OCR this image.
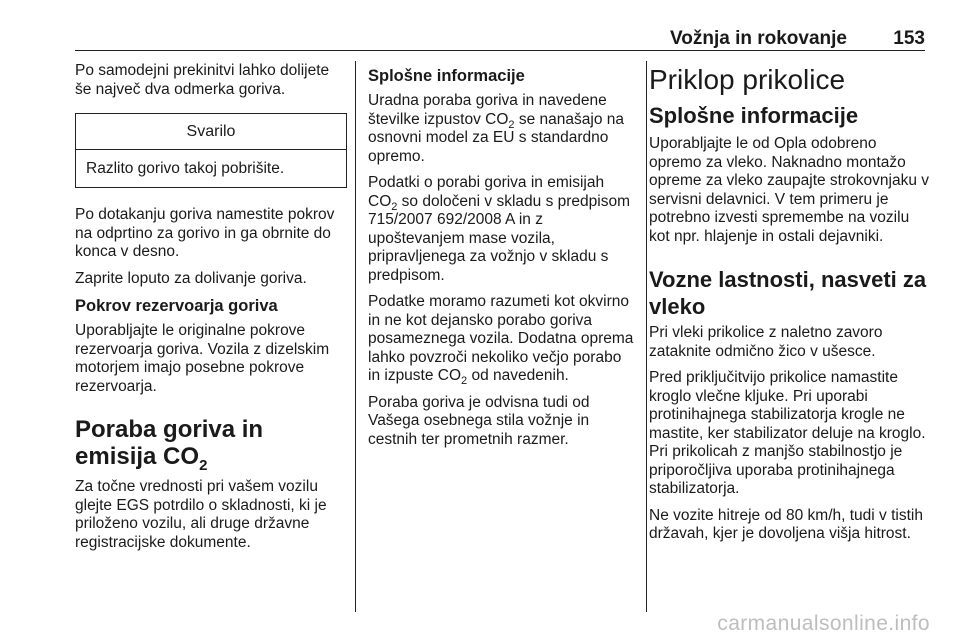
Vožnja in rokovanje 153

Po samodejni prekinitvi lahko dolijete še največ dva odmerka goriva.

Svarilo
Razlito gorivo takoj pobrišite.

Po dotakanju goriva namestite pokrov na odprtino za gorivo in ga obrnite do konca v desno.

Zaprite loputo za dolivanje goriva.

Pokrov rezervoarja goriva

Uporabljajte le originalne pokrove rezervoarja goriva. Vozila z dizelskim motorjem imajo posebne pokrove rezervoarja.

Poraba goriva in
emisija $CO_2$

Za točne vrednosti pri vašem vozilu glejte EGS potrdilo o skladnosti, ki je priloženo vozilu, ali druge državne registracijske dokumente.

Splošne informacije

Uradna poraba goriva in navedene številke izpustov $CO_2$ se nanašajo na osnovni model za EU s standardno opremo.

Podatki o porabi goriva in emisijah $CO_2$ so določeni v skladu s predpisom 715/2007 692/2008 A in z upoštevanjem mase vozila, pripravljenega za vožnjo v skladu s predpisom.

Podatke moramo razumeti kot okvirno in ne kot dejansko porabo goriva posameznega vozila. Dodatna oprema lahko povzroči nekoliko večjo porabo in izpuste $CO_2$ od navedenih.

Poraba goriva je odvisna tudi od Vašega osebnega stila vožnje in cestnih ter prometnih razmer.

Priklop prikolice
Splošne informacije

Uporabljajte le od Opla odobreno opremo za vleko. Naknadno montažo opreme za vleko zaupajte strokovnjaku v servisni delavnici. V tem primeru je potrebno izvesti spremembe na vozilu kot npr. hlajenje in ostali dejavniki.

Vozne lastnosti, nasveti za vleko

Pri vleki prikolice z naletno zavoro zataknite odmično žico v ušesce.

Pred priključitvijo prikolice namastite kroglo vlečne kljuke. Pri uporabi protinihajnega stabilizatorja krogle ne mastite, ker stabilizator deluje na kroglo. Pri prikolicah z manjšo stabilnostjo je priporočljiva uporaba protinihajnega stabilizatorja.

Ne vozite hitreje od 80 km/h, tudi v tistih državah, kjer je dovoljena višja hitrost.

carmanualsonline.info
